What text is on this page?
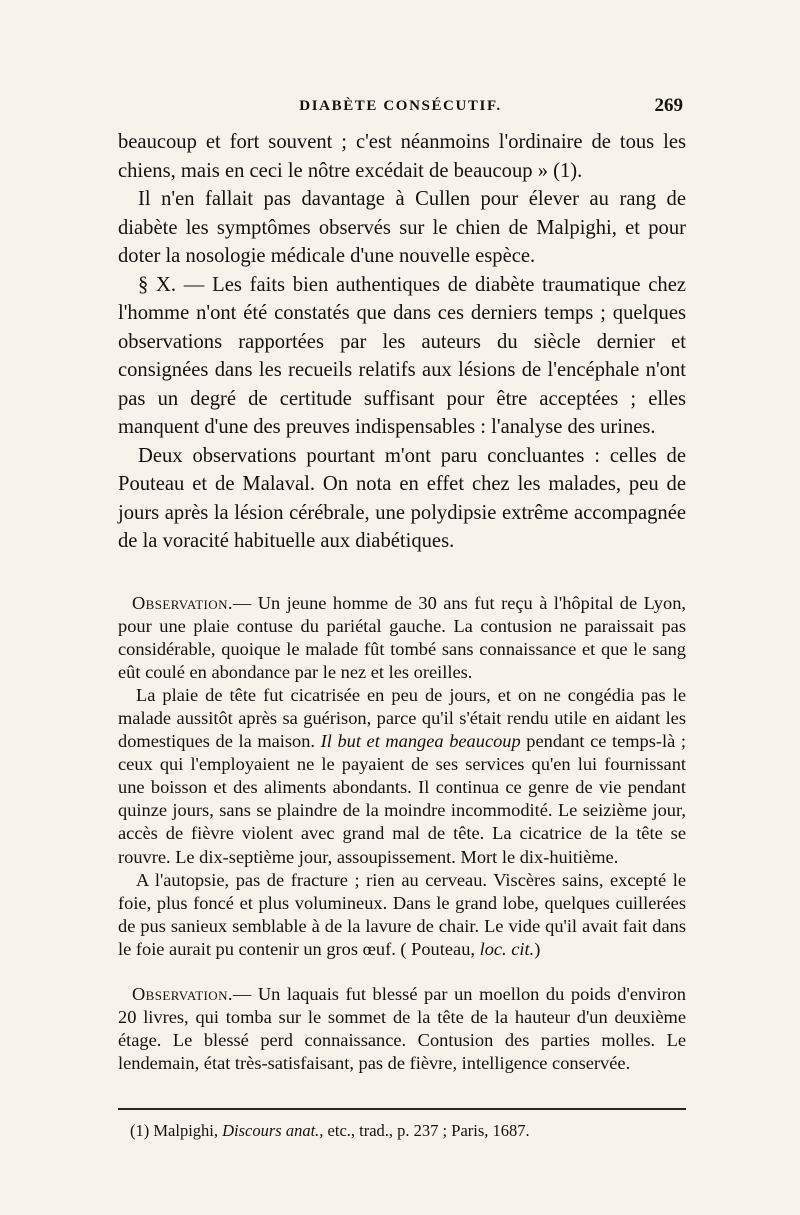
DIABÈTE CONSÉCUTIF.	269

beaucoup et fort souvent ; c'est néanmoins l'ordinaire de tous les chiens, mais en ceci le nôtre excédait de beaucoup » (1).

Il n'en fallait pas davantage à Cullen pour élever au rang de diabète les symptômes observés sur le chien de Malpighi, et pour doter la nosologie médicale d'une nouvelle espèce.

§ X. — Les faits bien authentiques de diabète traumatique chez l'homme n'ont été constatés que dans ces derniers temps ; quelques observations rapportées par les auteurs du siècle dernier et consignées dans les recueils relatifs aux lésions de l'encéphale n'ont pas un degré de certitude suffisant pour être acceptées ; elles manquent d'une des preuves indispensables : l'analyse des urines.

Deux observations pourtant m'ont paru concluantes : celles de Pouteau et de Malaval. On nota en effet chez les malades, peu de jours après la lésion cérébrale, une polydipsie extrême accompagnée de la voracité habituelle aux diabétiques.

Observation.— Un jeune homme de 30 ans fut reçu à l'hôpital de Lyon, pour une plaie contuse du pariétal gauche. La contusion ne paraissait pas considérable, quoique le malade fût tombé sans connaissance et que le sang eût coulé en abondance par le nez et les oreilles.

La plaie de tête fut cicatrisée en peu de jours, et on ne congédia pas le malade aussitôt après sa guérison, parce qu'il s'était rendu utile en aidant les domestiques de la maison. Il but et mangea beaucoup pendant ce temps-là ; ceux qui l'employaient ne le payaient de ses services qu'en lui fournissant une boisson et des aliments abondants. Il continua ce genre de vie pendant quinze jours, sans se plaindre de la moindre incommodité. Le seizième jour, accès de fièvre violent avec grand mal de tête. La cicatrice de la tête se rouvre. Le dix-septième jour, assoupissement. Mort le dix-huitième.

A l'autopsie, pas de fracture ; rien au cerveau. Viscères sains, excepté le foie, plus foncé et plus volumineux. Dans le grand lobe, quelques cuillerées de pus sanieux semblable à de la lavure de chair. Le vide qu'il avait fait dans le foie aurait pu contenir un gros œuf. ( Pouteau, loc. cit.)

Observation.— Un laquais fut blessé par un moellon du poids d'environ 20 livres, qui tomba sur le sommet de la tête de la hauteur d'un deuxième étage. Le blessé perd connaissance. Contusion des parties molles. Le lendemain, état très-satisfaisant, pas de fièvre, intelligence conservée.

(1) Malpighi, Discours anat., etc., trad., p. 237 ; Paris, 1687.
